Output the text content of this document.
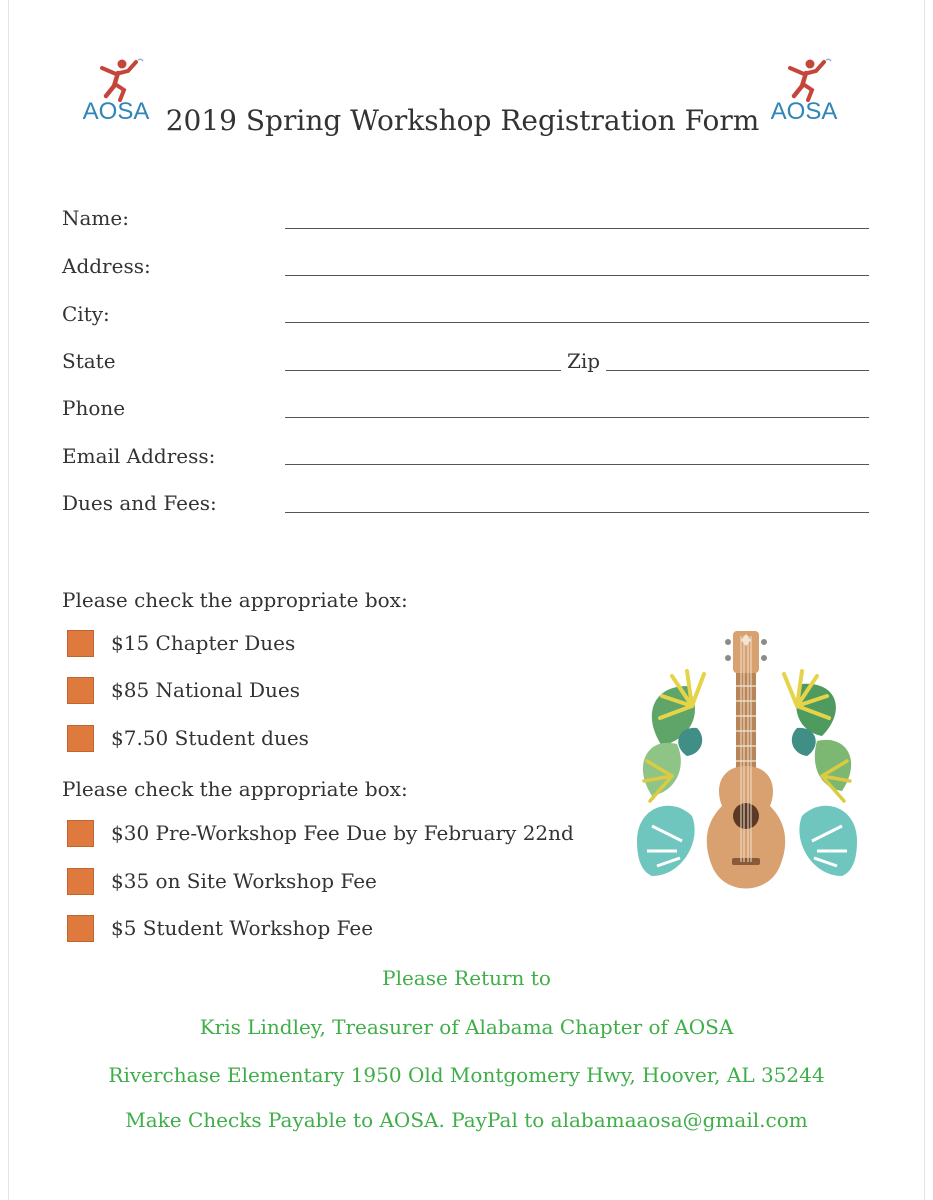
AOSA	AOSA
2019 Spring Workshop Registration Form
Name:
Address:
City:
State	Zip
Phone
Email Address:
Dues and Fees:
Please check the appropriate box:
$15 Chapter Dues
$85 National Dues
$7.50 Student dues
Please check the appropriate box:
$30 Pre-Workshop Fee Due by February 22nd
$35 on Site Workshop Fee
$5 Student Workshop Fee
Please Return to
Kris Lindley, Treasurer of Alabama Chapter of AOSA
Riverchase Elementary 1950 Old Montgomery Hwy, Hoover, AL 35244
Make Checks Payable to AOSA. PayPal to alabamaaosa@gmail.com
